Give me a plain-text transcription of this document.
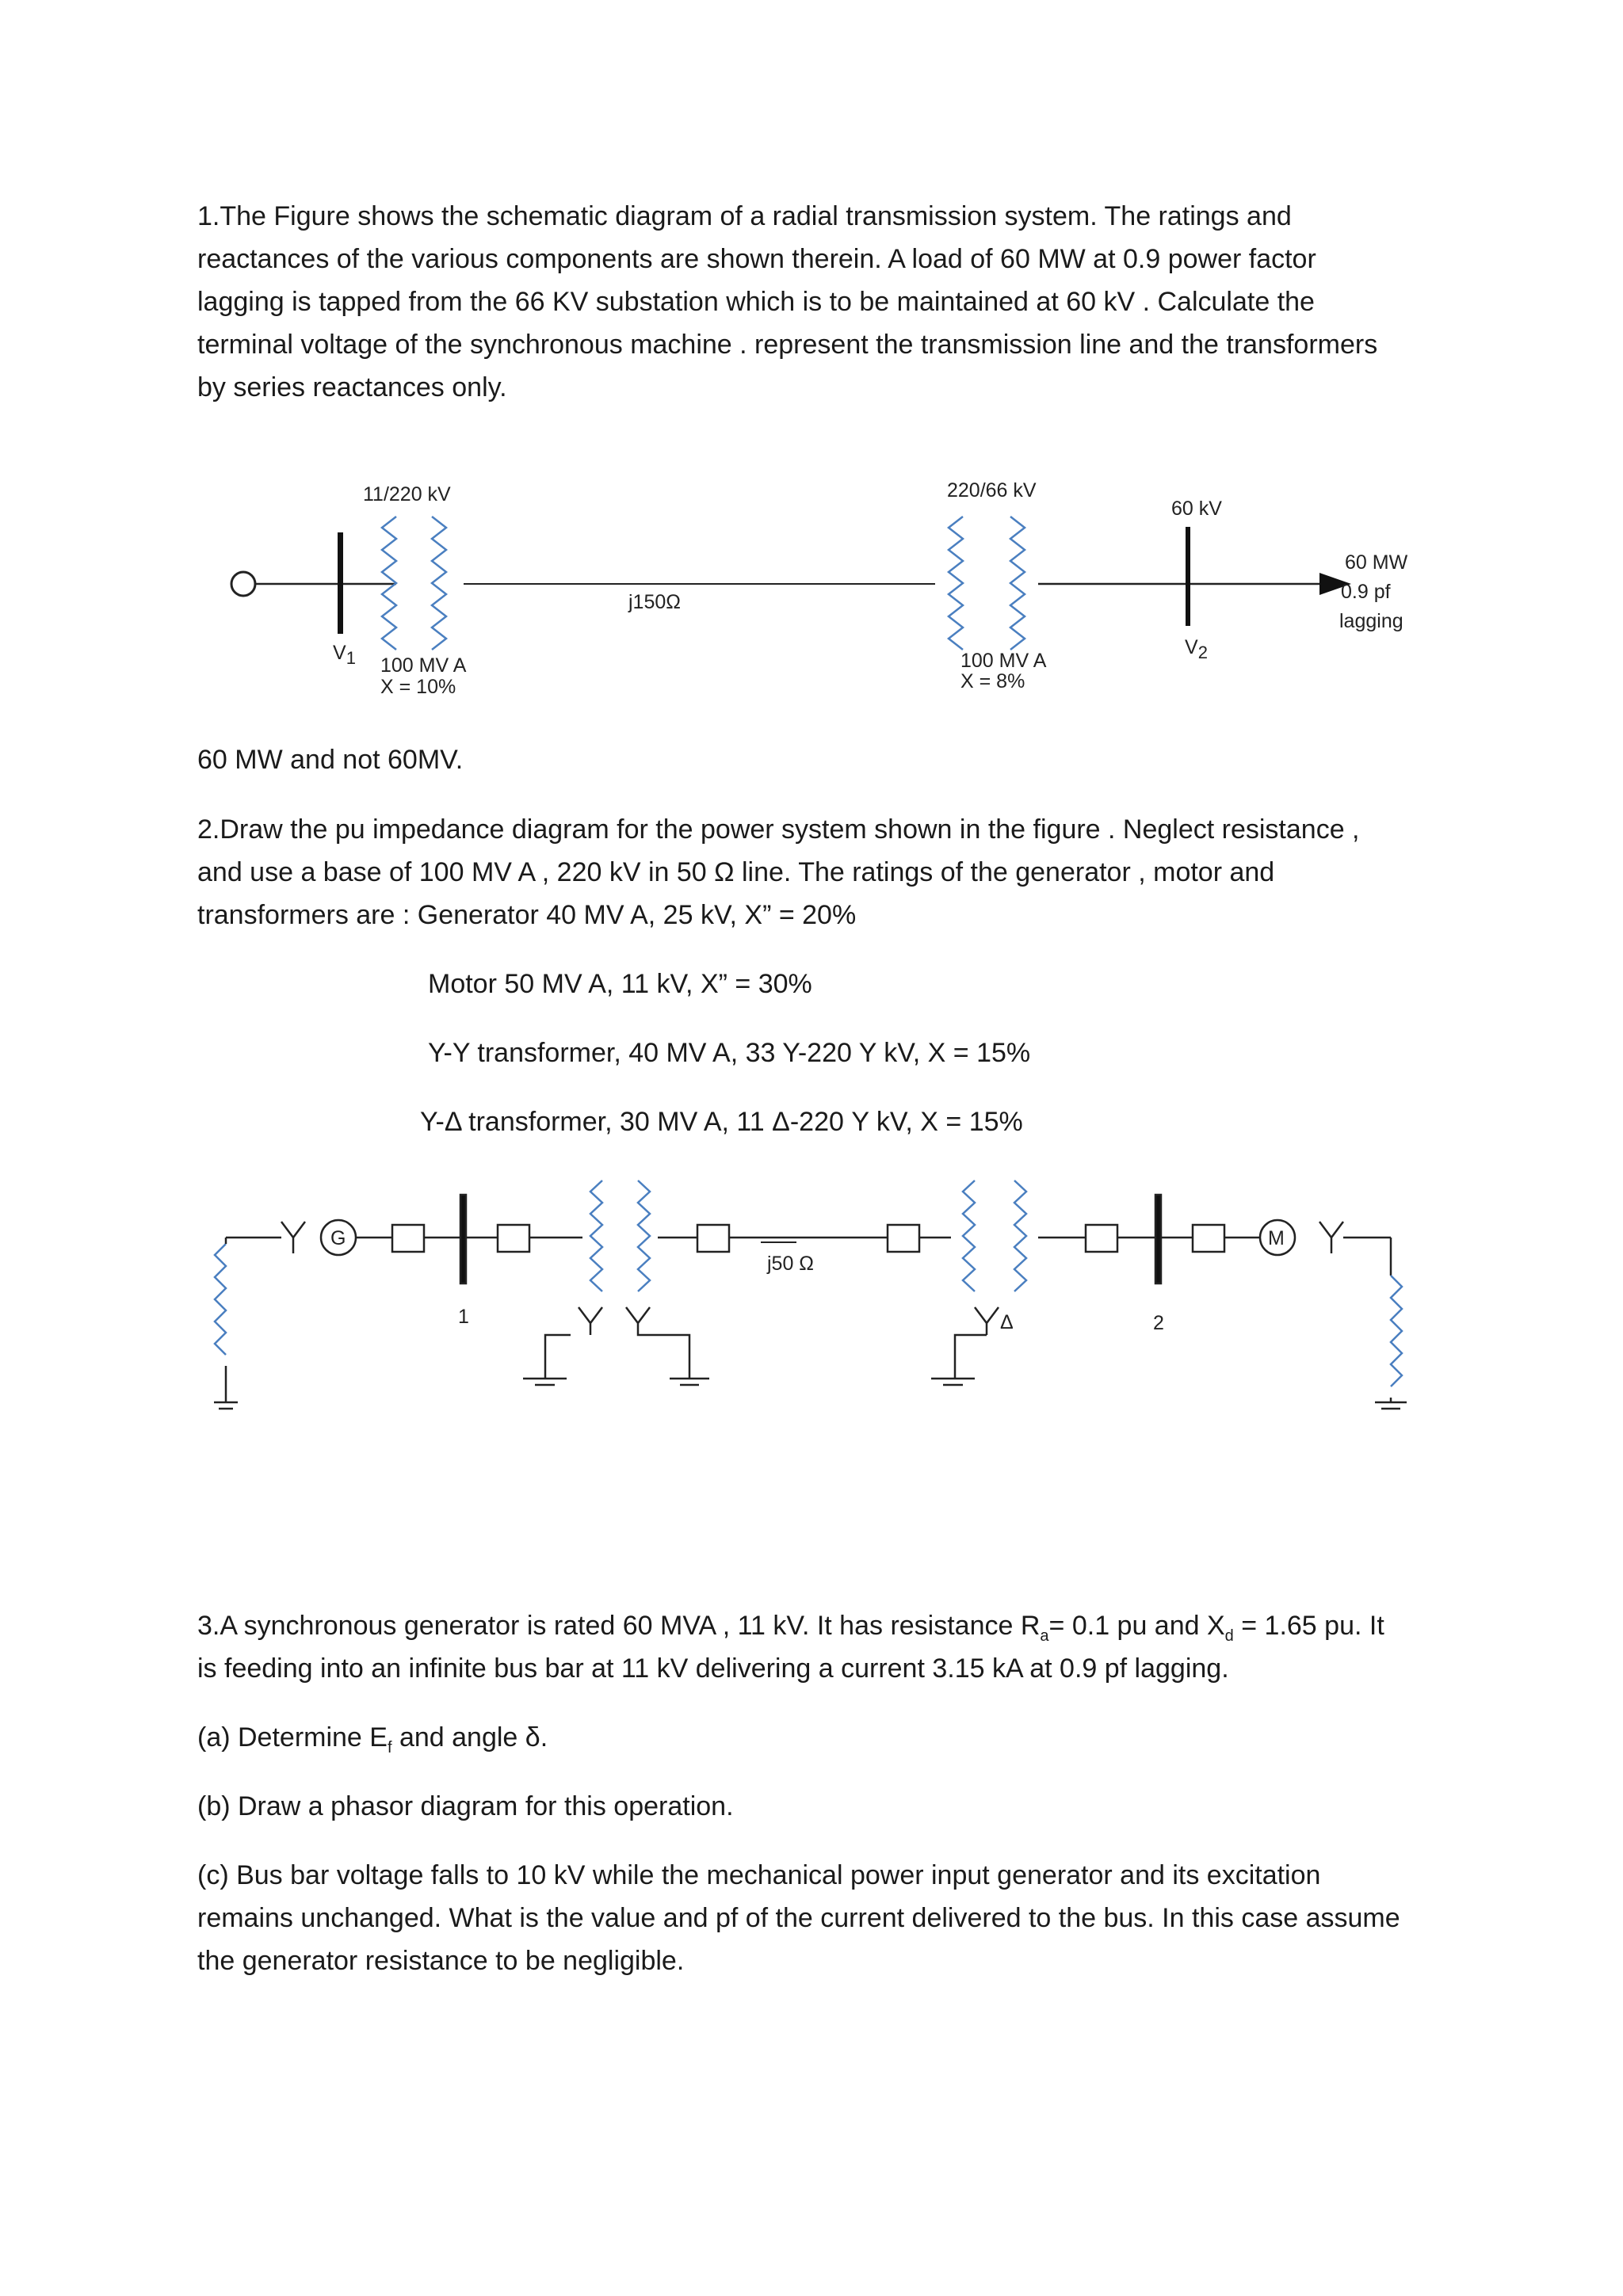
1.The Figure shows the schematic diagram of a radial transmission system. The ratings and

reactances of the various components are shown therein. A load of 60 MW at 0.9 power factor

lagging is tapped from the 66 KV substation which is to be maintained at 60 kV . Calculate the

terminal voltage of the synchronous machine . represent the transmission line and the transformers

by series reactances only.

V1
11/220 kV
100 MV A
X = 10%
j150Ω
220/66 kV
100 MV A
X = 8%
60 kV
V2
60 MW
0.9 pf
lagging

60 MW and not 60MV.

2.Draw the pu impedance diagram for the power system shown in the figure . Neglect resistance ,

and use a base of 100 MV A , 220 kV in 50 Ω line. The ratings of the generator , motor and

transformers are : Generator 40 MV A, 25 kV, X” = 20%

Motor 50 MV A, 11 kV, X” = 30%

Y-Y transformer, 40 MV A, 33 Y-220 Y kV, X = 15%

Y-Δ transformer, 30 MV A, 11 Δ-220 Y kV, X = 15%

G	M
1	2
j50 Ω
Δ

3.A synchronous generator is rated 60 MVA , 11 kV. It has resistance $R_a= 0.1$ pu and $X_d = 1.65$ pu. It

is feeding into an infinite bus bar at 11 kV delivering a current 3.15 kA at 0.9 pf lagging.

(a) Determine $E_f$ and angle δ.

(b) Draw a phasor diagram for this operation.

(c) Bus bar voltage falls to 10 kV while the mechanical power input generator and its excitation

remains unchanged. What is the value and pf of the current delivered to the bus. In this case assume

the generator resistance to be negligible.
